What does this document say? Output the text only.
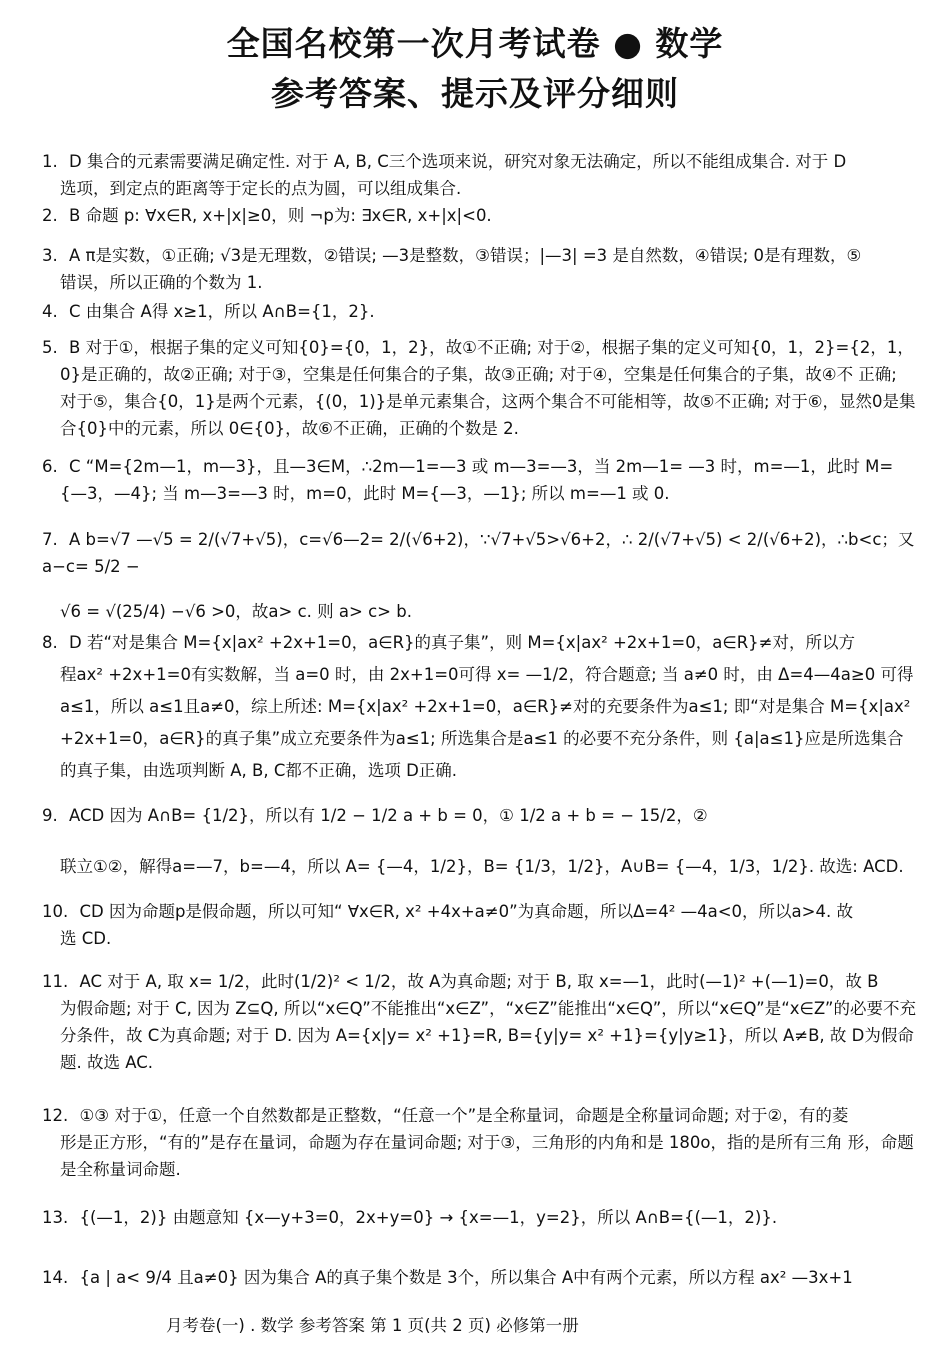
全国名校第一次月考试卷 ● 数学
参考答案、提示及评分细则
1. D 集合的元素需要满足确定性. 对于 A, B, C三个选项来说，研究对象无法确定，所以不能组成集合. 对于 D
选项，到定点的距离等于定长的点为圆，可以组成集合.
2. B 命题 p: ∀x∈R, x+|x|≥0，则 ¬p为: ∃x∈R, x+|x|<0.
3. A π是实数，①正确; √3是无理数，②错误; —3是整数，③错误；|—3| =3 是自然数，④错误; 0是有理数，⑤
错误，所以正确的个数为 1.
4. C 由集合 A得 x≥1，所以 A∩B={1，2}.
5. B 对于①，根据子集的定义可知{0}={0，1，2}，故①不正确; 对于②，根据子集的定义可知{0，1，2}={2，1，
0}是正确的，故②正确; 对于③，空集是任何集合的子集，故③正确; 对于④，空集是任何集合的子集，故④不 正确; 对于⑤，集合{0，1}是两个元素，{(0，1)}是单元素集合，这两个集合不可能相等，故⑤不正确; 对于⑥，显然0是集合{0}中的元素，所以 0∈{0}，故⑥不正确，正确的个数是 2.
6. C “M={2m—1，m—3}，且—3∈M，∴2m—1=—3 或 m—3=—3，当 2m—1= —3 时，m=—1，此时 M=
{—3，—4}; 当 m—3=—3 时，m=0，此时 M={—3，—1}; 所以 m=—1 或 0.
7. A b=√7 —√5 = 2/(√7+√5)，c=√6—2= 2/(√6+2)，∵√7+√5>√6+2，∴ 2/(√7+√5) < 2/(√6+2)，∴b<c；又 a−c= 5/2 −
√6 = √(25/4) −√6 >0，故a> c. 则 a> c> b.
8. D 若“对是集合 M={x|ax² +2x+1=0，a∈R}的真子集”，则 M={x|ax² +2x+1=0，a∈R}≠对，所以方
程ax² +2x+1=0有实数解，当 a=0 时，由 2x+1=0可得 x= —1/2，符合题意; 当 a≠0 时，由 Δ=4—4a≥0 可得a≤1，所以 a≤1且a≠0，综上所述: M={x|ax² +2x+1=0，a∈R}≠对的充要条件为a≤1; 即“对是集合 M={x|ax² +2x+1=0，a∈R}的真子集”成立充要条件为a≤1; 所选集合是a≤1 的必要不充分条件，则 {a|a≤1}应是所选集合的真子集，由选项判断 A, B, C都不正确，选项 D正确.
9. ACD 因为 A∩B= {1/2}，所以有 1/2 − 1/2 a + b = 0，① 1/2 a + b = − 15/2，②
联立①②，解得a=—7，b=—4，所以 A= {—4，1/2}，B= {1/3，1/2}，A∪B= {—4，1/3，1/2}. 故选: ACD.
10. CD 因为命题p是假命题，所以可知“ ∀x∈R, x² +4x+a≠0”为真命题，所以Δ=4² —4a<0，所以a>4. 故
选 CD.
11. AC 对于 A, 取 x= 1/2，此时(1/2)² < 1/2，故 A为真命题; 对于 B, 取 x=—1，此时(—1)² +(—1)=0，故 B
为假命题; 对于 C, 因为 Z⊆Q, 所以“x∈Q”不能推出“x∈Z”，“x∈Z”能推出“x∈Q”，所以“x∈Q”是“x∈Z”的必要不充分条件，故 C为真命题; 对于 D. 因为 A={x|y= x² +1}=R, B={y|y= x² +1}={y|y≥1}，所以 A≠B, 故 D为假命题. 故选 AC.
12. ①③ 对于①，任意一个自然数都是正整数，“任意一个”是全称量词，命题是全称量词命题; 对于②，有的菱
形是正方形，“有的”是存在量词，命题为存在量词命题; 对于③，三角形的内角和是 180o，指的是所有三角 形，命题是全称量词命题.
13. {(—1，2)} 由题意知 {x—y+3=0，2x+y=0} → {x=—1，y=2}，所以 A∩B={(—1，2)}.
14. {a | a< 9/4 且a≠0} 因为集合 A的真子集个数是 3个，所以集合 A中有两个元素，所以方程 ax² —3x+1
月考卷(一) . 数学 参考答案 第 1 页(共 2 页) 必修第一册
